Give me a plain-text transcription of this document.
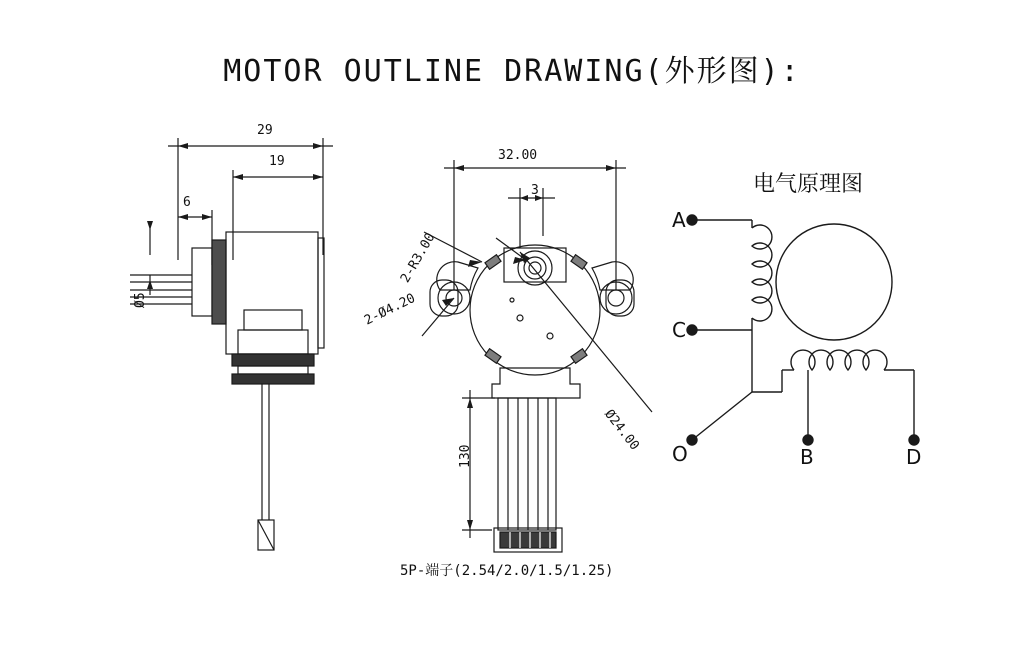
MOTOR OUTLINE DRAWING(外形图):
29
19
6
Ø5
32.00
3
130
Ø24.00
2-R3.00
2-Ø4.20
5P-端子(2.54/2.0/1.5/1.25)
电气原理图
A
C
O	B	D
